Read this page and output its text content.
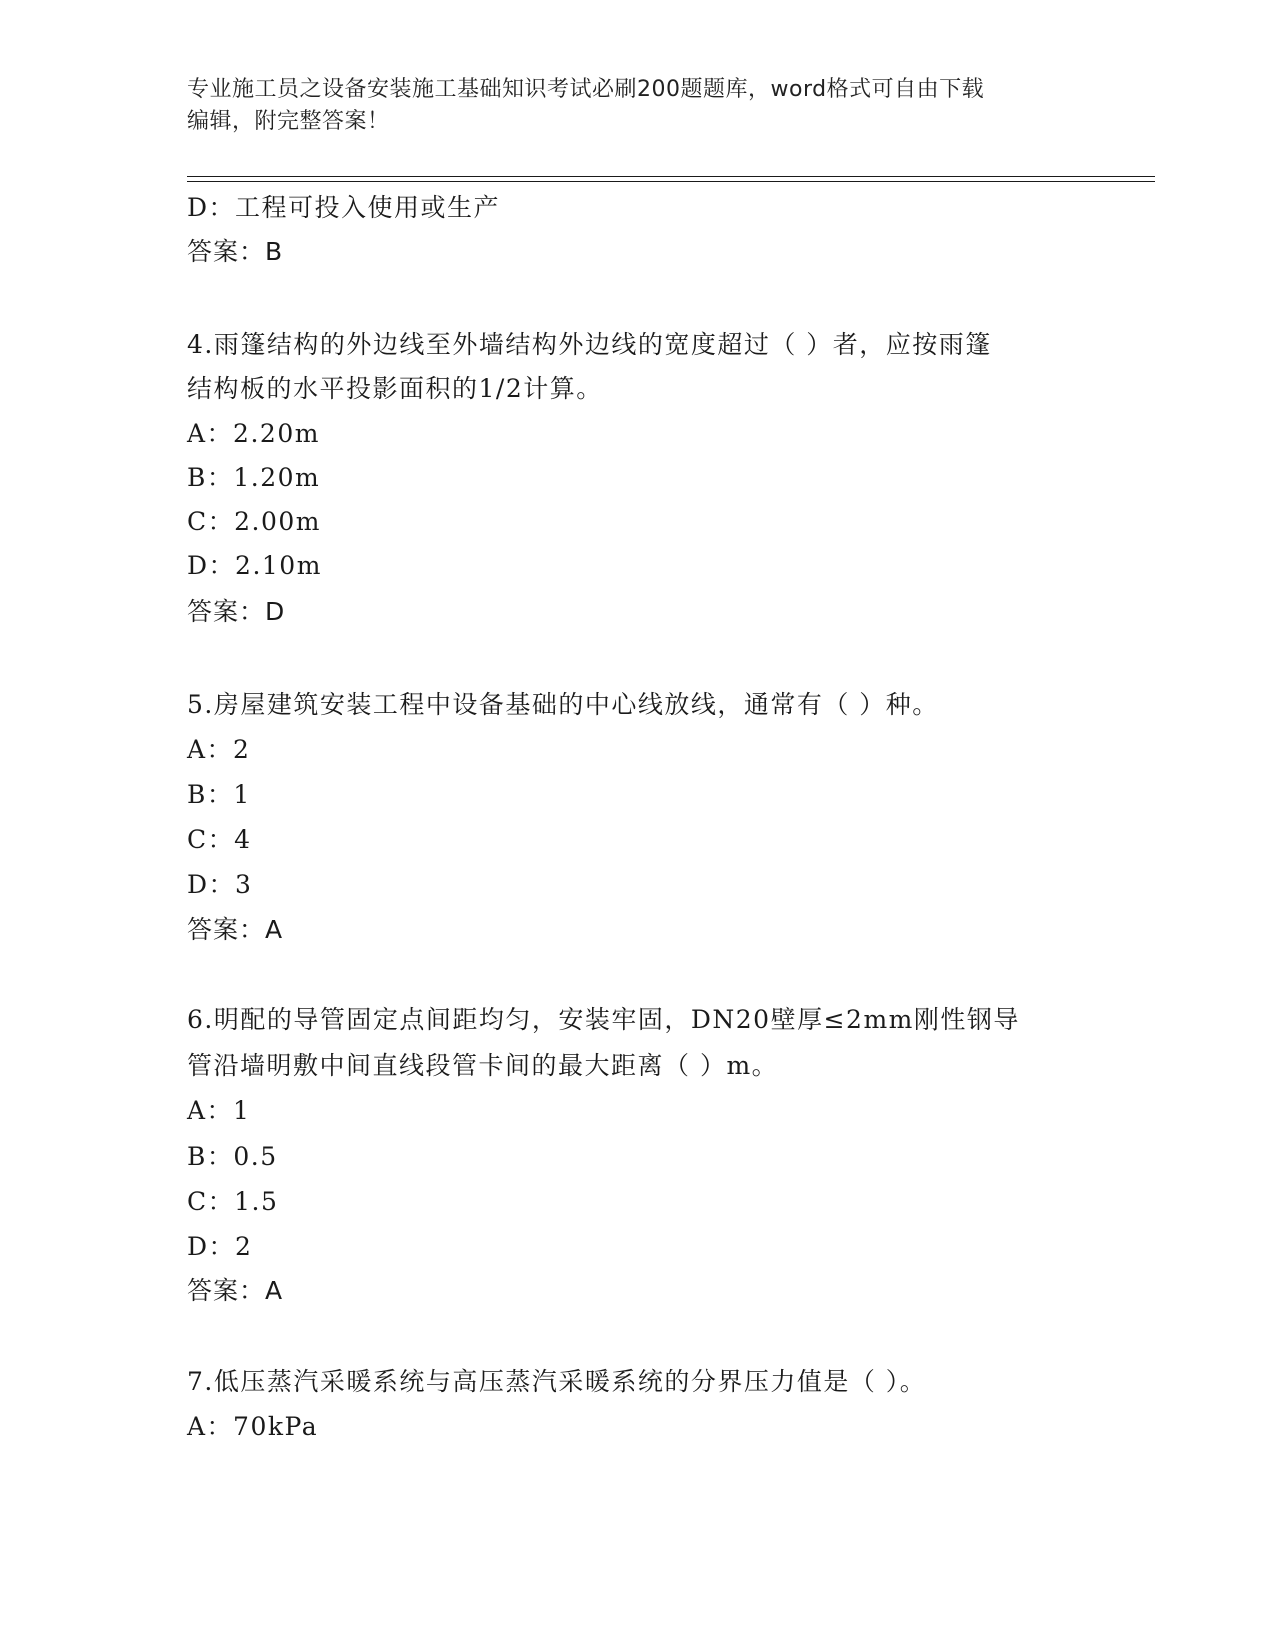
专业施工员之设备安装施工基础知识考试必刷200题题库，word格式可自由下载
编辑，附完整答案！
D：工程可投入使用或生产
答案：B
4.雨篷结构的外边线至外墙结构外边线的宽度超过（ ）者，应按雨篷
结构板的水平投影面积的1/2计算。
A：2.20m
B：1.20m
C：2.00m
D：2.10m
答案：D
5.房屋建筑安装工程中设备基础的中心线放线，通常有（ ）种。
A：2
B：1
C：4
D：3
答案：A
6.明配的导管固定点间距均匀，安装牢固，DN20壁厚≤2mm刚性钢导
管沿墙明敷中间直线段管卡间的最大距离（ ）m。
A：1
B：0.5
C：1.5
D：2
答案：A
7.低压蒸汽采暖系统与高压蒸汽采暖系统的分界压力值是（ ）。
A：70kPa
